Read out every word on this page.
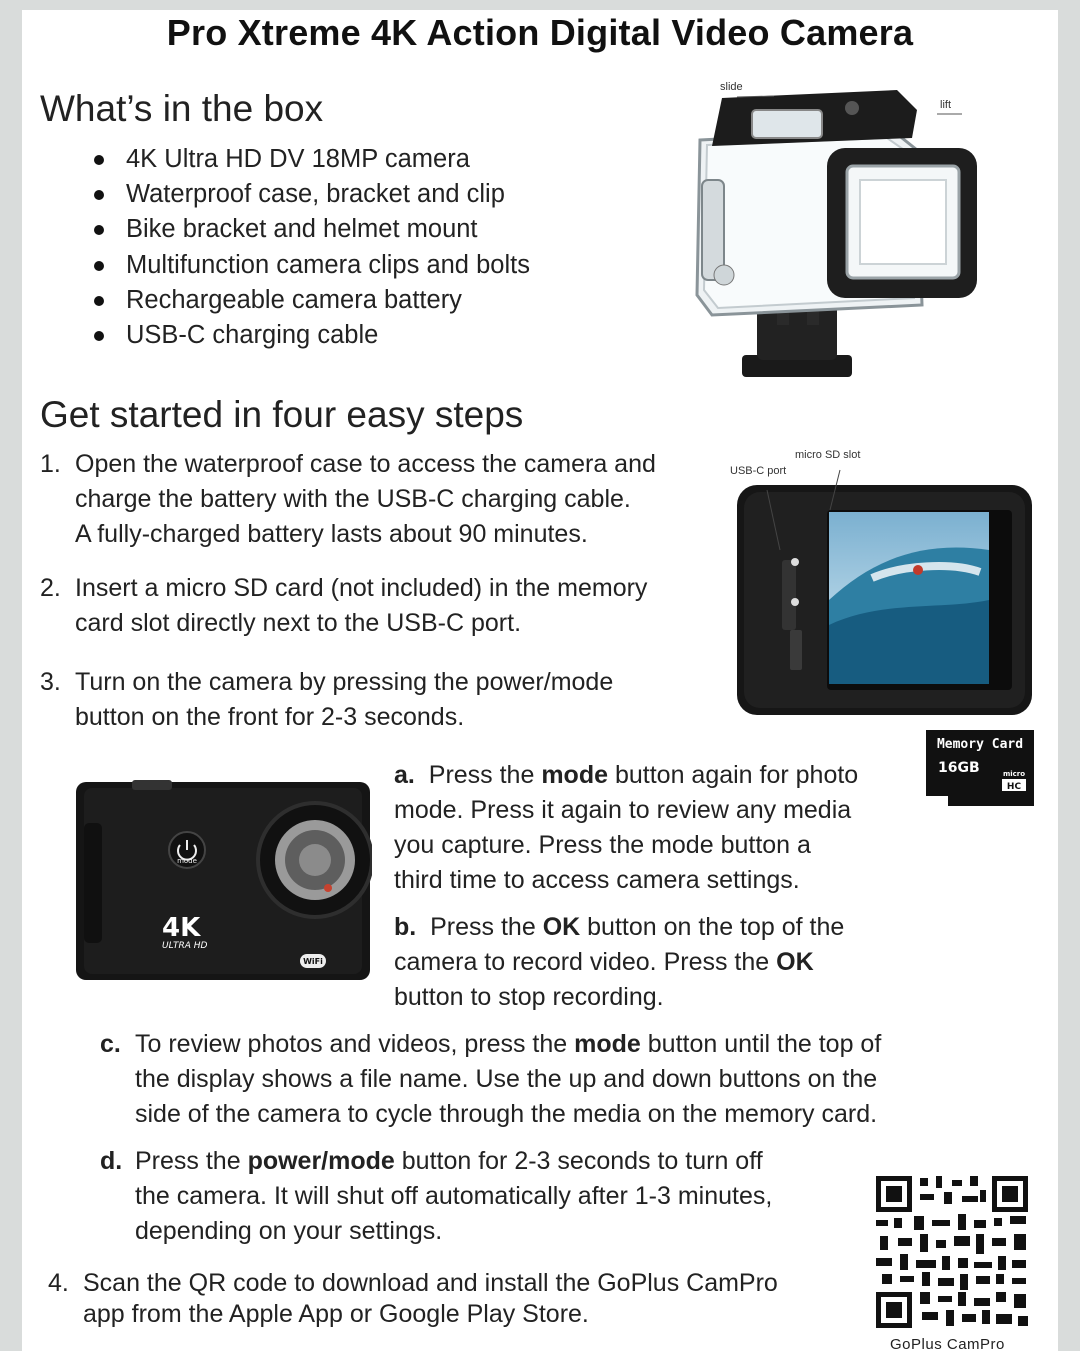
Pro Xtreme 4K Action Digital Video Camera
What’s in the box
4K Ultra HD DV 18MP camera
Waterproof case, bracket and clip
Bike bracket and helmet mount
Multifunction camera clips and bolts
Rechargeable camera battery
USB-C charging cable
slide
lift
Get started in four easy steps
1. Open the waterproof case to access the camera and
charge the battery with the USB-C charging cable.
A fully-charged battery lasts about 90 minutes.
2. Insert a micro SD card (not included) in the memory
card slot directly next to the USB-C port.
3. Turn on the camera by pressing the power/mode
button on the front for 2-3 seconds.
USB-C port
micro SD slot
Memory Card
16GB	micro
HC
mode
4K
ULTRA HD
WiFi
a. Press the mode button again for photo
mode. Press it again to review any media
you capture. Press the mode button a
third time to access camera settings.
b. Press the OK button on the top of the
camera to record video. Press the OK
button to stop recording.
c. To review photos and videos, press the mode button until the top of
the display shows a file name. Use the up and down buttons on the
side of the camera to cycle through the media on the memory card.
d. Press the power/mode button for 2-3 seconds to turn off
the camera. It will shut off automatically after 1-3 minutes,
depending on your settings.
4. Scan the QR code to download and install the GoPlus CamPro
app from the Apple App or Google Play Store.
GoPlus CamPro
